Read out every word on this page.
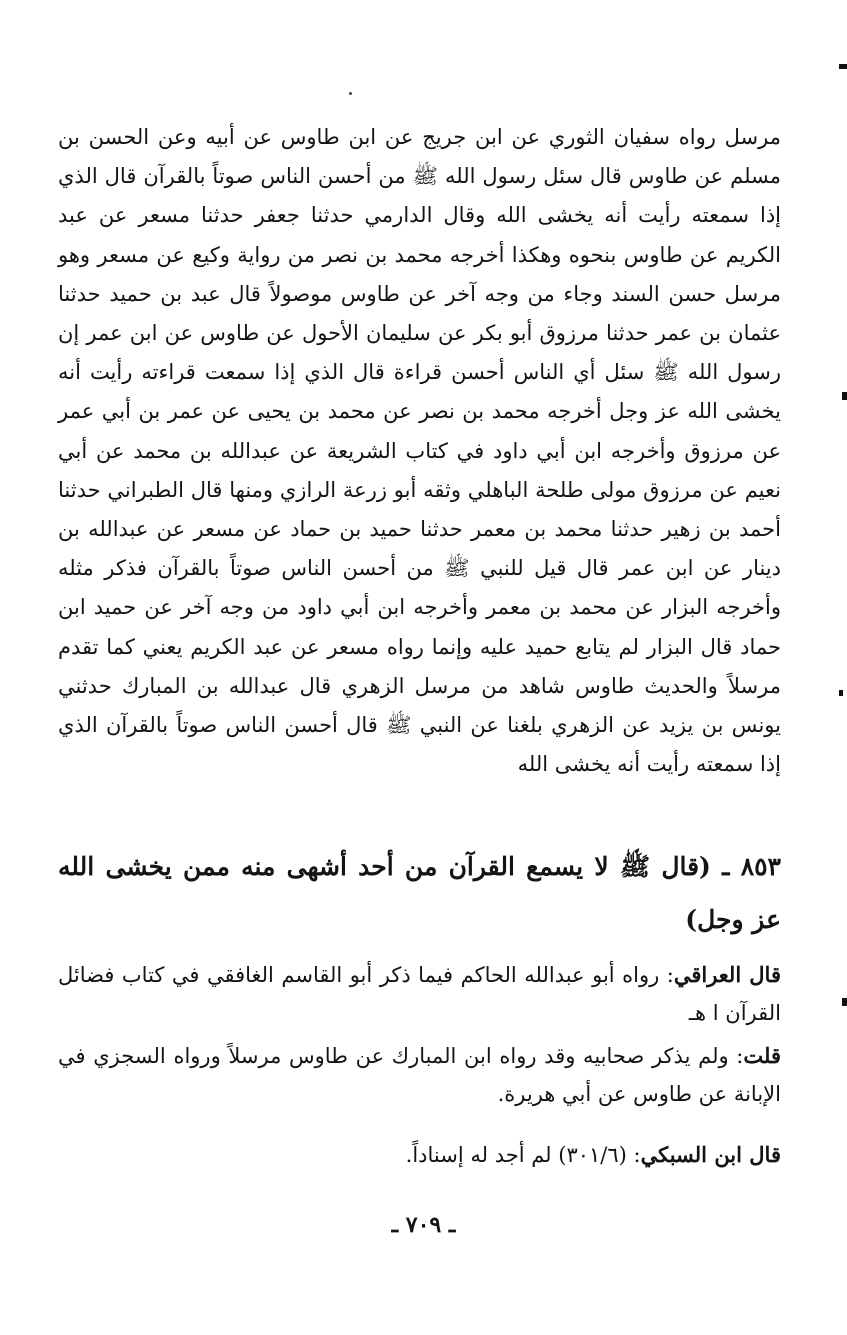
مرسل رواه سفيان الثوري عن ابن جريج عن ابن طاوس عن أبيه وعن الحسن بن مسلم عن طاوس قال سئل رسول الله ﷺ من أحسن الناس صوتاً بالقرآن قال الذي إذا سمعته رأيت أنه يخشى الله وقال الدارمي حدثنا جعفر حدثنا مسعر عن عبد الكريم عن طاوس بنحوه وهكذا أخرجه محمد بن نصر من رواية وكيع عن مسعر وهو مرسل حسن السند وجاء من وجه آخر عن طاوس موصولاً قال عبد بن حميد حدثنا عثمان بن عمر حدثنا مرزوق أبو بكر عن سليمان الأحول عن طاوس عن ابن عمر إن رسول الله ﷺ سئل أي الناس أحسن قراءة قال الذي إذا سمعت قراءته رأيت أنه يخشى الله عز وجل أخرجه محمد بن نصر عن محمد بن يحيى عن عمر بن أبي عمر عن مرزوق وأخرجه ابن أبي داود في كتاب الشريعة عن عبدالله بن محمد عن أبي نعيم عن مرزوق مولى طلحة الباهلي وثقه أبو زرعة الرازي ومنها قال الطبراني حدثنا أحمد بن زهير حدثنا محمد بن معمر حدثنا حميد بن حماد عن مسعر عن عبدالله بن دينار عن ابن عمر قال قيل للنبي ﷺ من أحسن الناس صوتاً بالقرآن فذكر مثله وأخرجه البزار عن محمد بن معمر وأخرجه ابن أبي داود من وجه آخر عن حميد ابن حماد قال البزار لم يتابع حميد عليه وإنما رواه مسعر عن عبد الكريم يعني كما تقدم مرسلاً والحديث طاوس شاهد من مرسل الزهري قال عبدالله بن المبارك حدثني يونس بن يزيد عن الزهري بلغنا عن النبي ﷺ قال أحسن الناس صوتاً بالقرآن الذي إذا سمعته رأيت أنه يخشى الله
٨٥٣ ـ (قال ﷺ لا يسمع القرآن من أحد أشهى منه ممن يخشى الله عز وجل)
قال العراقي: رواه أبو عبدالله الحاكم فيما ذكر أبو القاسم الغافقي في كتاب فضائل القرآن ا هـ
قلت: ولم يذكر صحابيه وقد رواه ابن المبارك عن طاوس مرسلاً ورواه السجزي في الإبانة عن طاوس عن أبي هريرة.
قال ابن السبكي: (٣٠١/٦) لم أجد له إسناداً.
ـ ٧٠٩ ـ
